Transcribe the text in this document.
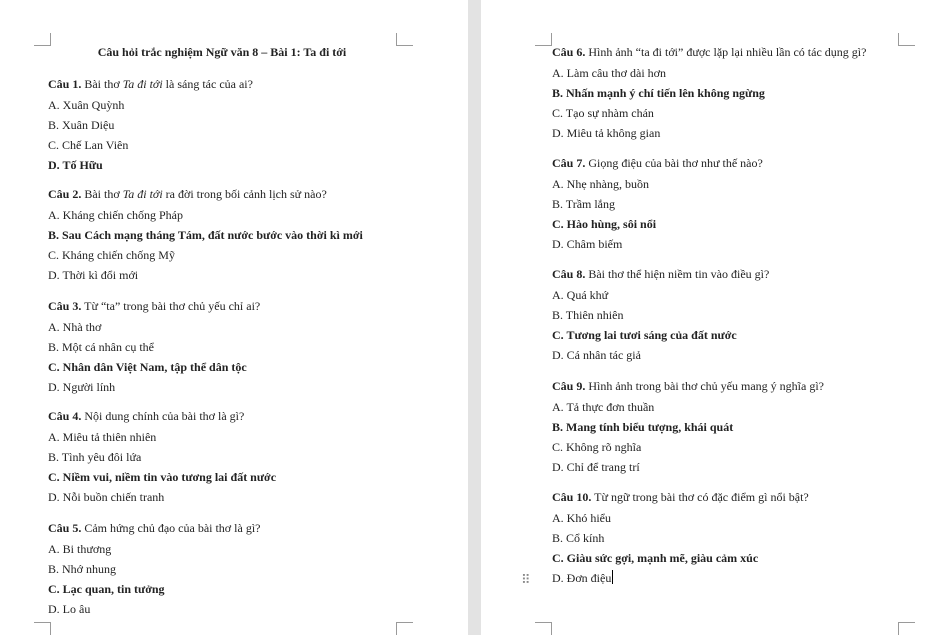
Câu hỏi trắc nghiệm Ngữ văn 8 – Bài 1: Ta đi tới
Câu 1. Bài thơ Ta đi tới là sáng tác của ai?
A. Xuân Quỳnh
B. Xuân Diệu
C. Chế Lan Viên
D. Tố Hữu
Câu 2. Bài thơ Ta đi tới ra đời trong bối cảnh lịch sử nào?
A. Kháng chiến chống Pháp
B. Sau Cách mạng tháng Tám, đất nước bước vào thời kì mới
C. Kháng chiến chống Mỹ
D. Thời kì đổi mới
Câu 3. Từ “ta” trong bài thơ chủ yếu chỉ ai?
A. Nhà thơ
B. Một cá nhân cụ thể
C. Nhân dân Việt Nam, tập thể dân tộc
D. Người lính
Câu 4. Nội dung chính của bài thơ là gì?
A. Miêu tả thiên nhiên
B. Tình yêu đôi lứa
C. Niềm vui, niềm tin vào tương lai đất nước
D. Nỗi buồn chiến tranh
Câu 5. Cảm hứng chủ đạo của bài thơ là gì?
A. Bi thương
B. Nhớ nhung
C. Lạc quan, tin tưởng
D. Lo âu
Câu 6. Hình ảnh “ta đi tới” được lặp lại nhiều lần có tác dụng gì?
A. Làm câu thơ dài hơn
B. Nhấn mạnh ý chí tiến lên không ngừng
C. Tạo sự nhàm chán
D. Miêu tả không gian
Câu 7. Giọng điệu của bài thơ như thế nào?
A. Nhẹ nhàng, buồn
B. Trầm lắng
C. Hào hùng, sôi nổi
D. Châm biếm
Câu 8. Bài thơ thể hiện niềm tin vào điều gì?
A. Quá khứ
B. Thiên nhiên
C. Tương lai tươi sáng của đất nước
D. Cá nhân tác giả
Câu 9. Hình ảnh trong bài thơ chủ yếu mang ý nghĩa gì?
A. Tả thực đơn thuần
B. Mang tính biểu tượng, khái quát
C. Không rõ nghĩa
D. Chỉ để trang trí
Câu 10. Từ ngữ trong bài thơ có đặc điểm gì nổi bật?
A. Khó hiểu
B. Cổ kính
C. Giàu sức gợi, mạnh mẽ, giàu cảm xúc
D. Đơn điệu
⠿
